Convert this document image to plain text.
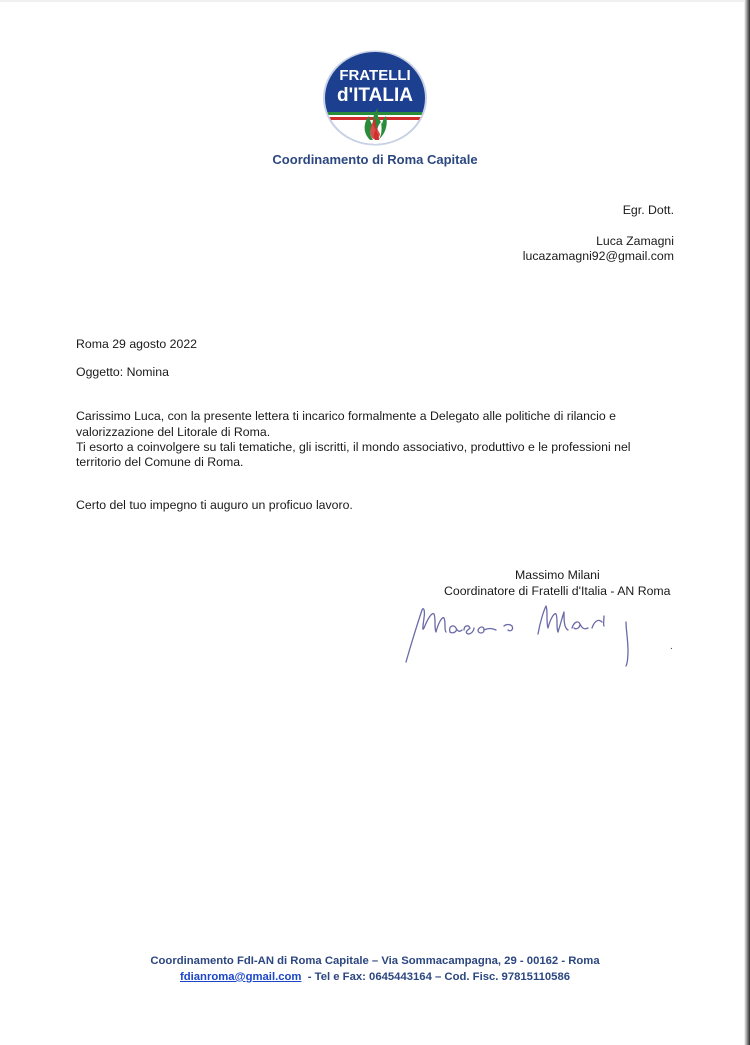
FRATELLI
d'ITALIA
Coordinamento di Roma Capitale
Egr. Dott.
Luca Zamagni
lucazamagni92@gmail.com

Roma 29 agosto 2022

Oggetto: Nomina

Carissimo Luca, con la presente lettera ti incarico formalmente a Delegato alle politiche di rilancio e

valorizzazione del Litorale di Roma.

Ti esorto a coinvolgere su tali tematiche, gli iscritti, il mondo associativo, produttivo e le professioni nel

territorio del Comune di Roma.

Certo del tuo impegno ti auguro un proficuo lavoro.

Massimo Milani
Coordinatore di Fratelli d'Italia - AN Roma
.
Coordinamento FdI-AN di Roma Capitale – Via Sommacampagna, 29 - 00162 - Roma
fdianroma@gmail.com  - Tel e Fax: 0645443164 – Cod. Fisc. 97815110586
